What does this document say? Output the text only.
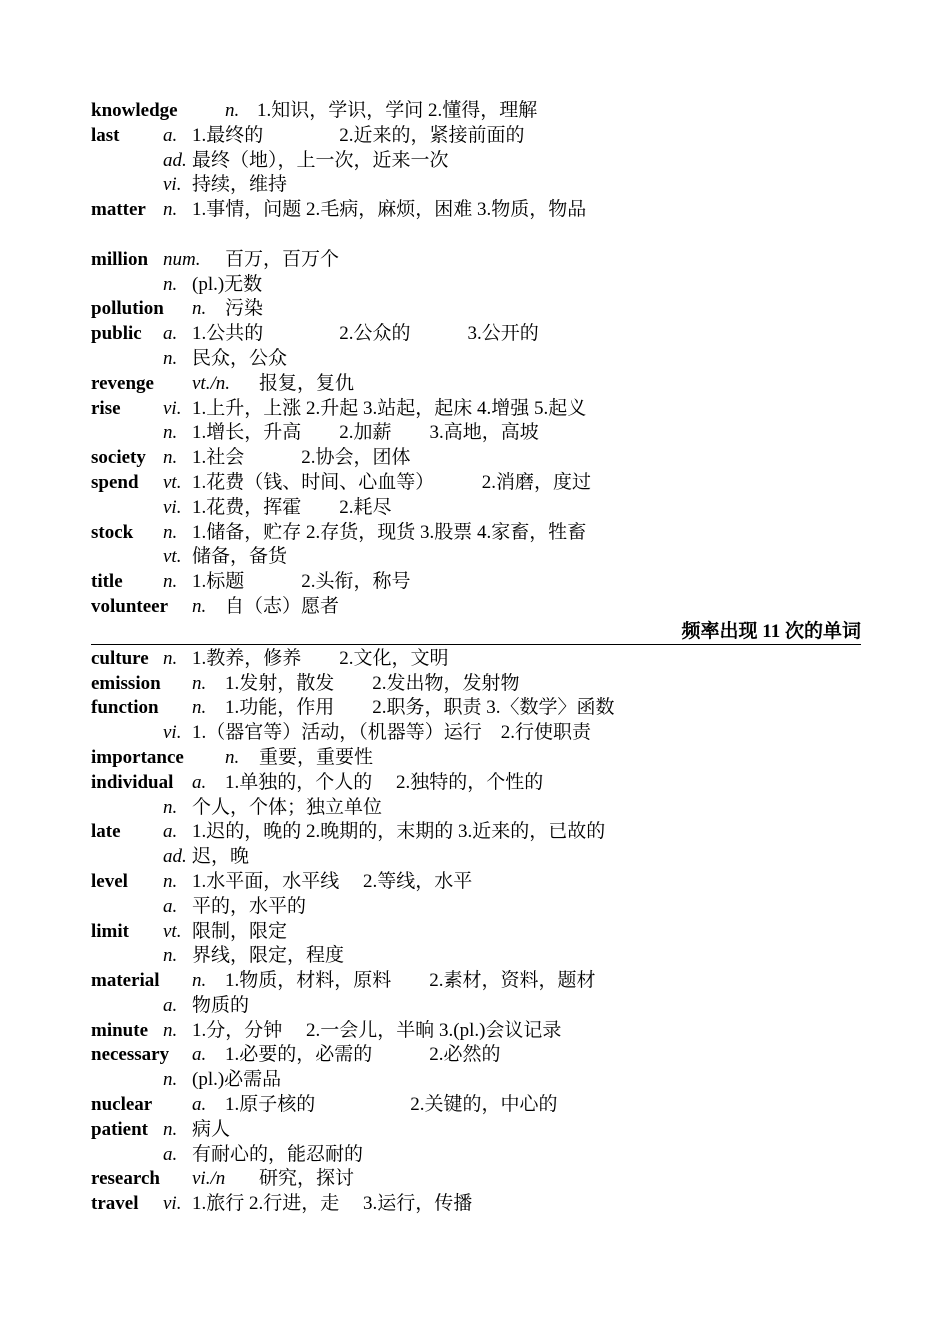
knowledge n. 1.知识，学识，学问 2.懂得，理解
last a. 1.最终的　　　　2.近来的，紧接前面的
ad. 最终（地），上一次，近来一次
vi. 持续，维持
matter n. 1.事情，问题 2.毛病，麻烦，困难 3.物质，物品
million num. 百万，百万个
n. (pl.)无数
pollution n. 污染
public a. 1.公共的　　　　2.公众的　　　3.公开的
n. 民众，公众
revenge vt./n. 报复，复仇
rise vi. 1.上升，上涨 2.升起 3.站起，起床 4.增强 5.起义
n. 1.增长，升高　　2.加薪　　3.高地，高坡
society n. 1.社会　　　2.协会，团体
spend vt. 1.花费（钱、时间、心血等）　　　2.消磨，度过
vi. 1.花费，挥霍　　2.耗尽
stock n. 1.储备，贮存 2.存货，现货 3.股票 4.家畜，牲畜
vt. 储备，备货
title n. 1.标题　　　2.头衔，称号
volunteer n. 自（志）愿者
频率出现 11 次的单词
culture n. 1.教养，修养　　2.文化，文明
emission n. 1.发射，散发　　2.发出物，发射物
function n. 1.功能，作用　　2.职务，职责 3.〈数学〉函数
vi. 1.（器官等）活动，（机器等）运行　2.行使职责
importance n. 重要，重要性
individual a. 1.单独的，个人的　 2.独特的，个性的
n. 个人，个体；独立单位
late a. 1.迟的，晚的 2.晚期的，末期的 3.近来的，已故的
ad. 迟，晚
level n. 1.水平面，水平线　 2.等线，水平
a. 平的，水平的
limit vt. 限制，限定
n. 界线，限定，程度
material n. 1.物质，材料，原料　　2.素材，资料，题材
a. 物质的
minute n. 1.分，分钟　 2.一会儿，半晌 3.(pl.)会议记录
necessary a. 1.必要的，必需的　　　2.必然的
n. (pl.)必需品
nuclear a. 1.原子核的　　　　　2.关键的，中心的
patient n. 病人
a. 有耐心的，能忍耐的
research vi./n 研究，探讨
travel vi. 1.旅行 2.行进，走　 3.运行，传播
